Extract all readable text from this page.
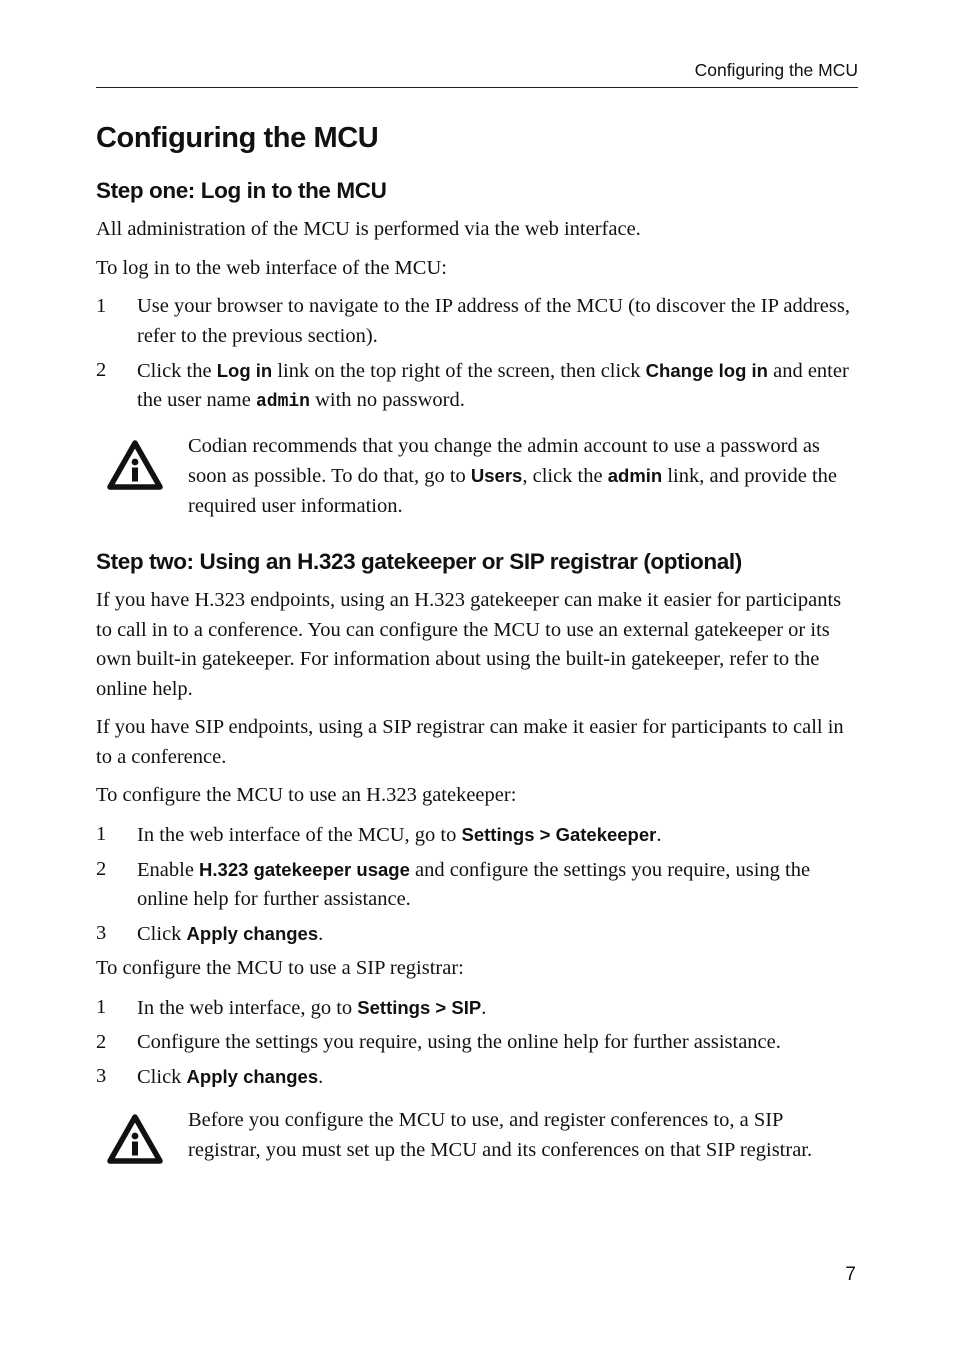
Configuring the MCU
Configuring the MCU
Step one: Log in to the MCU

All administration of the MCU is performed via the web interface.

To log in to the web interface of the MCU:

1 Use your browser to navigate to the IP address of the MCU (to discover the IP address, refer to the previous section).
2 Click the Log in link on the top right of the screen, then click Change log in and enter the user name admin with no password.
Codian recommends that you change the admin account to use a password as soon as possible. To do that, go to Users, click the admin link, and provide the required user information.
Step two: Using an H.323 gatekeeper or SIP registrar (optional)

If you have H.323 endpoints, using an H.323 gatekeeper can make it easier for participants to call in to a conference. You can configure the MCU to use an external gatekeeper or its own built-in gatekeeper. For information about using the built-in gatekeeper, refer to the online help.

If you have SIP endpoints, using a SIP registrar can make it easier for participants to call in to a conference.

To configure the MCU to use an H.323 gatekeeper:

1 In the web interface of the MCU, go to Settings > Gatekeeper.
2 Enable H.323 gatekeeper usage and configure the settings you require, using the online help for further assistance.
3 Click Apply changes.

To configure the MCU to use a SIP registrar:

1 In the web interface, go to Settings > SIP.
2 Configure the settings you require, using the online help for further assistance.
3 Click Apply changes.
Before you configure the MCU to use, and register conferences to, a SIP registrar, you must set up the MCU and its conferences on that SIP registrar.
7
